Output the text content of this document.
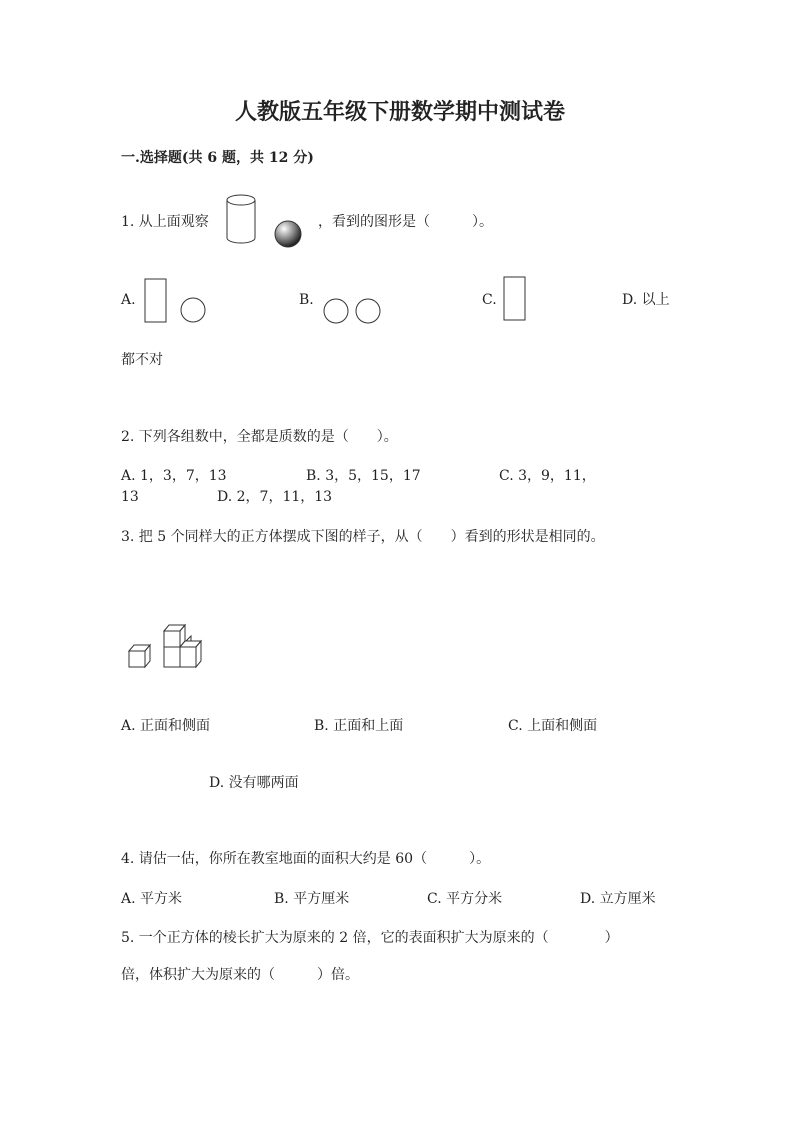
人教版五年级下册数学期中测试卷
一.选择题(共 6 题，共 12 分)
1. 从上面观察	，看到的图形是（　　　）。
A.	B.	C.	D. 以上
都不对
2. 下列各组数中，全都是质数的是（　　）。
A. 1，3，7，13	B. 3，5，15，17	C. 3，9，11，
13	D. 2，7，11，13
3. 把 5 个同样大的正方体摆成下图的样子，从（　　）看到的形状是相同的。
A. 正面和侧面	B. 正面和上面	C. 上面和侧面
D. 没有哪两面
4. 请估一估，你所在教室地面的面积大约是 60（　　　）。
A. 平方米	B. 平方厘米	C. 平方分米	D. 立方厘米
5. 一个正方体的棱长扩大为原来的 2 倍，它的表面积扩大为原来的（　　　　）
倍，体积扩大为原来的（　　　）倍。
